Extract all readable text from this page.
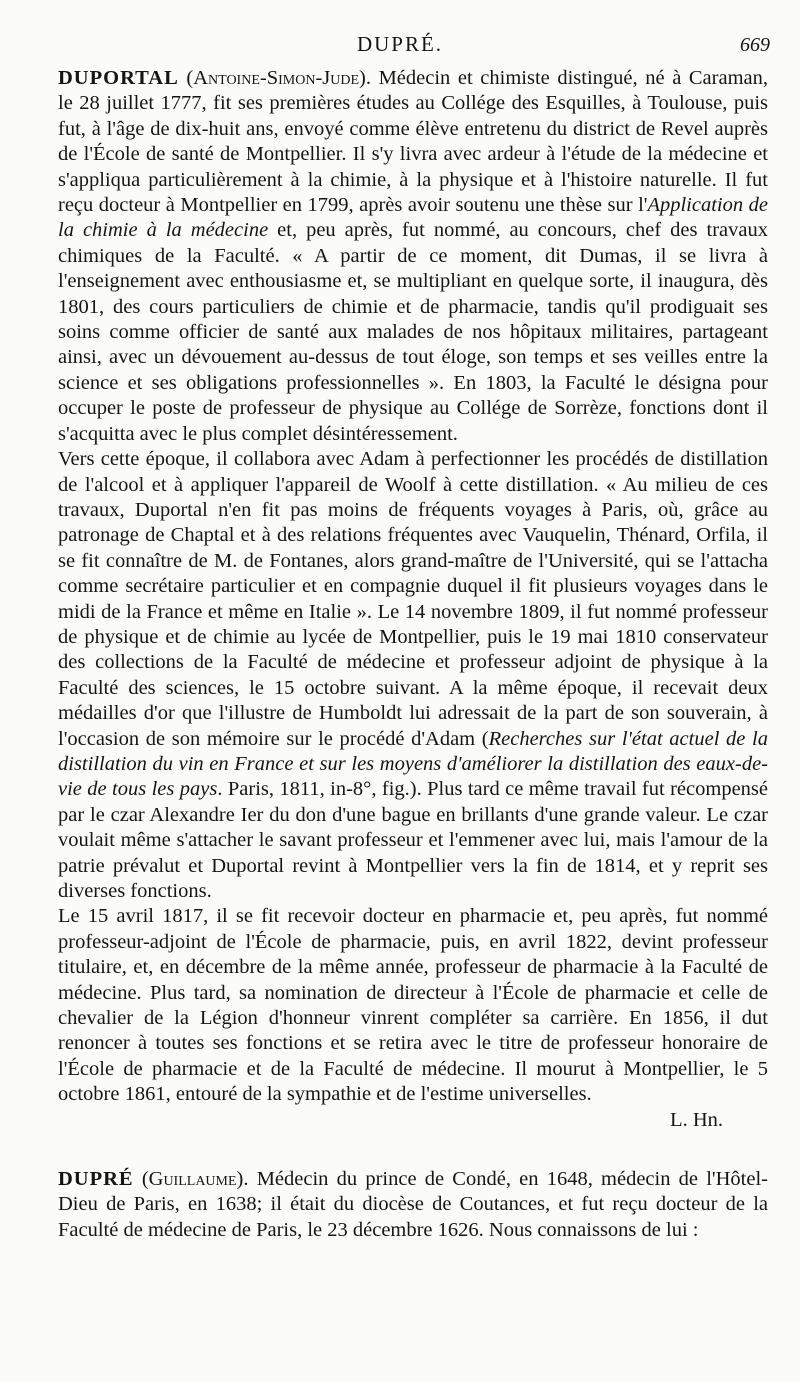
DUPRÉ.	669

DUPORTAL (Antoine-Simon-Jude). Médecin et chimiste distingué, né à Caraman, le 28 juillet 1777, fit ses premières études au Collége des Esquilles, à Toulouse, puis fut, à l'âge de dix-huit ans, envoyé comme élève entretenu du district de Revel auprès de l'École de santé de Montpellier. Il s'y livra avec ardeur à l'étude de la médecine et s'appliqua particulièrement à la chimie, à la physique et à l'histoire naturelle. Il fut reçu docteur à Montpellier en 1799, après avoir soutenu une thèse sur l'Application de la chimie à la médecine et, peu après, fut nommé, au concours, chef des travaux chimiques de la Faculté. « A partir de ce moment, dit Dumas, il se livra à l'enseignement avec enthousiasme et, se multipliant en quelque sorte, il inaugura, dès 1801, des cours particuliers de chimie et de pharmacie, tandis qu'il prodiguait ses soins comme officier de santé aux malades de nos hôpitaux militaires, partageant ainsi, avec un dévouement au-dessus de tout éloge, son temps et ses veilles entre la science et ses obligations professionnelles ». En 1803, la Faculté le désigna pour occuper le poste de professeur de physique au Collége de Sorrèze, fonctions dont il s'acquitta avec le plus complet désintéressement.

Vers cette époque, il collabora avec Adam à perfectionner les procédés de distillation de l'alcool et à appliquer l'appareil de Woolf à cette distillation. « Au milieu de ces travaux, Duportal n'en fit pas moins de fréquents voyages à Paris, où, grâce au patronage de Chaptal et à des relations fréquentes avec Vauquelin, Thénard, Orfila, il se fit connaître de M. de Fontanes, alors grand-maître de l'Université, qui se l'attacha comme secrétaire particulier et en compagnie duquel il fit plusieurs voyages dans le midi de la France et même en Italie ». Le 14 novembre 1809, il fut nommé professeur de physique et de chimie au lycée de Montpellier, puis le 19 mai 1810 conservateur des collections de la Faculté de médecine et professeur adjoint de physique à la Faculté des sciences, le 15 octobre suivant. A la même époque, il recevait deux médailles d'or que l'illustre de Humboldt lui adressait de la part de son souverain, à l'occasion de son mémoire sur le procédé d'Adam (Recherches sur l'état actuel de la distillation du vin en France et sur les moyens d'améliorer la distillation des eaux-de-vie de tous les pays. Paris, 1811, in-8°, fig.). Plus tard ce même travail fut récompensé par le czar Alexandre Ier du don d'une bague en brillants d'une grande valeur. Le czar voulait même s'attacher le savant professeur et l'emmener avec lui, mais l'amour de la patrie prévalut et Duportal revint à Montpellier vers la fin de 1814, et y reprit ses diverses fonctions.

Le 15 avril 1817, il se fit recevoir docteur en pharmacie et, peu après, fut nommé professeur-adjoint de l'École de pharmacie, puis, en avril 1822, devint professeur titulaire, et, en décembre de la même année, professeur de pharmacie à la Faculté de médecine. Plus tard, sa nomination de directeur à l'École de pharmacie et celle de chevalier de la Légion d'honneur vinrent compléter sa carrière. En 1856, il dut renoncer à toutes ses fonctions et se retira avec le titre de professeur honoraire de l'École de pharmacie et de la Faculté de médecine. Il mourut à Montpellier, le 5 octobre 1861, entouré de la sympathie et de l'estime universelles.

L. Hn.

DUPRÉ (Guillaume). Médecin du prince de Condé, en 1648, médecin de l'Hôtel-Dieu de Paris, en 1638; il était du diocèse de Coutances, et fut reçu docteur de la Faculté de médecine de Paris, le 23 décembre 1626. Nous connaissons de lui :
